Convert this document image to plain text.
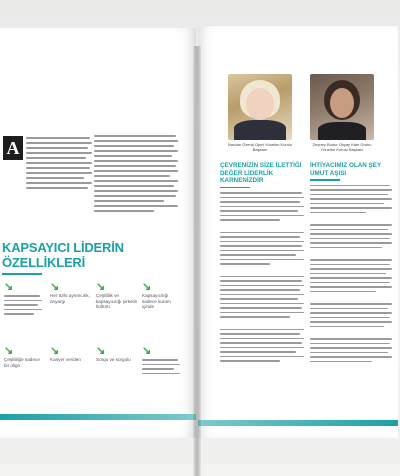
A
KAPSAYICI LİDERİN
ÖZELLİKLERİ
↘	↘
Her türlü ayrımcılık, önyargı
↘
Çeşitlilik ve kapsayıcılığı şirketin kültürü
↘
Kapsayıcılığı sadece kurum içinde
↘
Çeşitliliğe sadece bir oligo
↘
Kariyer veriden
↘
Sorgu ve sorgulu
↘
Nurdan Özerdi Opet Yönetim Kurulu Başkanı
Zeynep Bodur Okyay Kale Grubu Yönetim Kurulu Başkanı
ÇEVRENİZİN SİZE İLETTİĞİ DEĞER LİDERLİK KARNENİZDİR
İHTİYACIMIZ OLAN ŞEY UMUT AŞISI
